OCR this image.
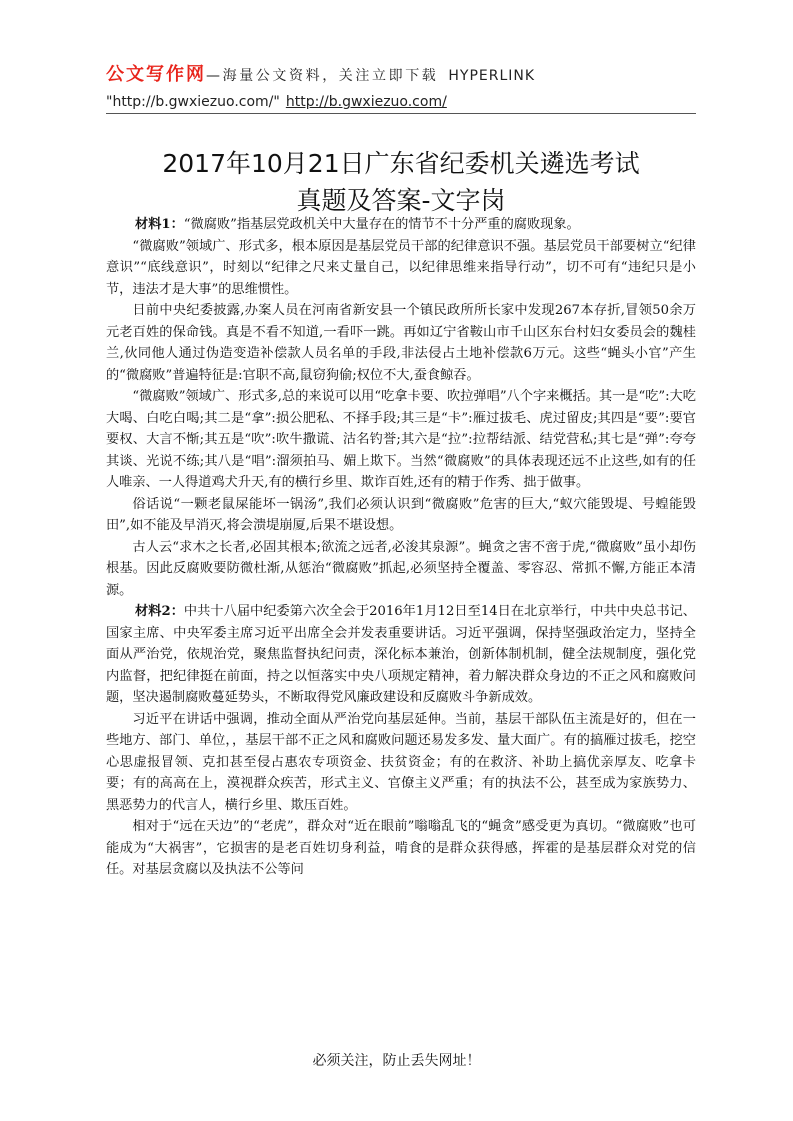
公文写作网 —海量公文资料，关注立即下载 HYPERLINK
"http://b.gwxiezuo.com/" http://b.gwxiezuo.com/
2017年10月21日广东省纪委机关遴选考试
真题及答案-文字岗

材料1：“微腐败”指基层党政机关中大量存在的情节不十分严重的腐败现象。

“微腐败”领域广、形式多，根本原因是基层党员干部的纪律意识不强。基层党员干部要树立“纪律意识”“底线意识”，时刻以“纪律之尺来丈量自己，以纪律思维来指导行动”，切不可有“违纪只是小节，违法才是大事”的思维惯性。

日前中央纪委披露,办案人员在河南省新安县一个镇民政所所长家中发现267本存折,冒领50余万元老百姓的保命钱。真是不看不知道,一看吓一跳。再如辽宁省鞍山市千山区东台村妇女委员会的魏桂兰,伙同他人通过伪造变造补偿款人员名单的手段,非法侵占土地补偿款6万元。这些“蝇头小官”产生的“微腐败”普遍特征是:官职不高,鼠窃狗偷;权位不大,蚕食鲸吞。

“微腐败”领域广、形式多,总的来说可以用“吃拿卡要、吹拉弹唱”八个字来概括。其一是“吃”:大吃大喝、白吃白喝;其二是“拿”:损公肥私、不择手段;其三是“卡”:雁过拔毛、虎过留皮;其四是“要”:要官要权、大言不惭;其五是“吹”:吹牛撒谎、沽名钓誉;其六是“拉”:拉帮结派、结党营私;其七是“弹”:夸夸其谈、光说不练;其八是“唱”:溜须拍马、媚上欺下。当然“微腐败”的具体表现还远不止这些,如有的任人唯亲、一人得道鸡犬升天,有的横行乡里、欺诈百姓,还有的精于作秀、拙于做事。

俗话说“一颗老鼠屎能坏一锅汤”,我们必须认识到“微腐败”危害的巨大,“蚁穴能毁堤、号蝗能毁田”,如不能及早消灭,将会溃堤崩厦,后果不堪设想。

古人云“求木之长者,必固其根本;欲流之远者,必浚其泉源”。蝇贪之害不啻于虎,“微腐败”虽小却伤根基。因此反腐败要防微杜渐,从惩治“微腐败”抓起,必须坚持全覆盖、零容忍、常抓不懈,方能正本清源。

材料2：中共十八届中纪委第六次全会于2016年1月12日至14日在北京举行，中共中央总书记、国家主席、中央军委主席习近平出席全会并发表重要讲话。习近平强调，保持坚强政治定力，坚持全面从严治党，依规治党，聚焦监督执纪问责，深化标本兼治，创新体制机制，健全法规制度，强化党内监督，把纪律挺在前面，持之以恒落实中央八项规定精神，着力解决群众身边的不正之风和腐败问题，坚决遏制腐败蔓延势头，不断取得党风廉政建设和反腐败斗争新成效。

习近平在讲话中强调，推动全面从严治党向基层延伸。当前，基层干部队伍主流是好的，但在一些地方、部门、单位，，基层干部不正之风和腐败问题还易发多发、量大面广。有的搞雁过拔毛，挖空心思虚报冒领、克扣甚至侵占惠农专项资金、扶贫资金；有的在救济、补助上搞优亲厚友、吃拿卡要；有的高高在上，漠视群众疾苦，形式主义、官僚主义严重；有的执法不公，甚至成为家族势力、黑恶势力的代言人，横行乡里、欺压百姓。

相对于“远在天边”的“老虎”，群众对“近在眼前”嗡嗡乱飞的“蝇贪”感受更为真切。“微腐败”也可能成为“大祸害”，它损害的是老百姓切身利益，啃食的是群众获得感，挥霍的是基层群众对党的信任。对基层贪腐以及执法不公等问

必须关注，防止丢失网址！
